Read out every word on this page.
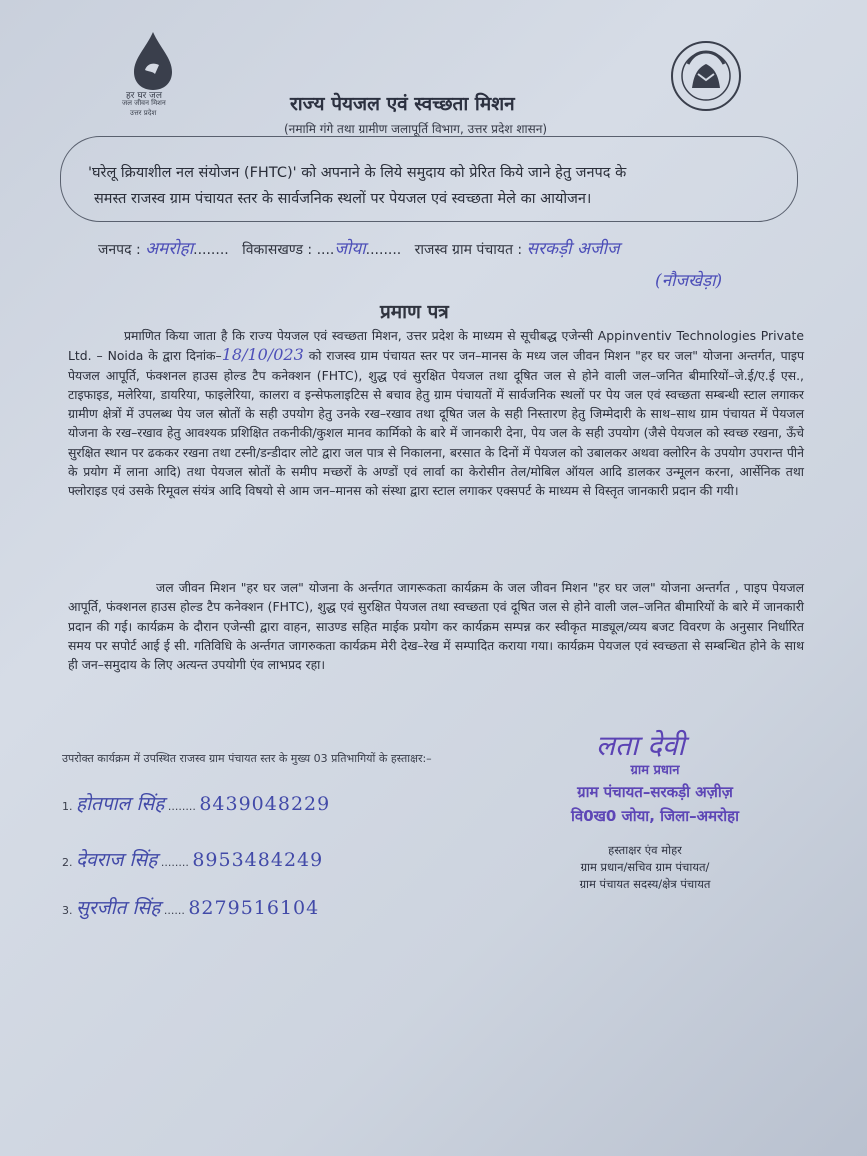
हर घर जल
जल जीवन मिशन
उत्तर प्रदेश	राज्य पेयजल एवं स्वच्छता मिशन
(नमामि गंगे तथा ग्रामीण जलापूर्ति विभाग, उत्तर प्रदेश शासन)
'घरेलू क्रियाशील नल संयोजन (FHTC)' को अपनाने के लिये समुदाय को प्रेरित किये जाने हेतु जनपद के
समस्त राजस्व ग्राम पंचायत स्तर के सार्वजनिक स्थलों पर पेयजल एवं स्वच्छता मेले का आयोजन।
जनपद : अमरोहा........ विकासखण्ड : ....जोया........ राजस्व ग्राम पंचायत : सरकड़ी अजीज
(नौजखेड़ा)
प्रमाण पत्र
प्रमाणित किया जाता है कि राज्य पेयजल एवं स्वच्छता मिशन, उत्तर प्रदेश के माध्यम से सूचीबद्ध एजेन्सी Appinventiv Technologies Private Ltd. – Noida के द्वारा दिनांक–18/10/023 को राजस्व ग्राम पंचायत स्तर पर जन–मानस के मध्य जल जीवन मिशन "हर घर जल" योजना अन्तर्गत, पाइप पेयजल आपूर्ति, फंक्शनल हाउस होल्ड टैप कनेक्शन (FHTC), शुद्ध एवं सुरक्षित पेयजल तथा दूषित जल से होने वाली जल–जनित बीमारियों–जे.ई/ए.ई एस., टाइफाइड, मलेरिया, डायरिया, फाइलेरिया, कालरा व इन्सेफलाइटिस से बचाव हेतु ग्राम पंचायतों में सार्वजनिक स्थलों पर पेय जल एवं स्वच्छता सम्बन्धी स्टाल लगाकर ग्रामीण क्षेत्रों में उपलब्ध पेय जल स्रोतों के सही उपयोग हेतु उनके रख–रखाव तथा दूषित जल के सही निस्तारण हेतु जिम्मेदारी के साथ–साथ ग्राम पंचायत में पेयजल योजना के रख–रखाव हेतु आवश्यक प्रशिक्षित तकनीकी/कुशल मानव कार्मिको के बारे में जानकारी देना, पेय जल के सही उपयोग (जैसे पेयजल को स्वच्छ रखना, ऊँचे सुरक्षित स्थान पर ढककर रखना तथा टस्नी/डन्डीदार लोटे द्वारा जल पात्र से निकालना, बरसात के दिनों में पेयजल को उबालकर अथवा क्लोरिन के उपयोग उपरान्त पीने के प्रयोग में लाना आदि) तथा पेयजल स्रोतों के समीप मच्छरों के अण्डों एवं लार्वा का केरोसीन तेल/मोबिल ऑयल आदि डालकर उन्मूलन करना, आर्सेनिक तथा फ्लोराइड एवं उसके रिमूवल संयंत्र आदि विषयो से आम जन–मानस को संस्था द्वारा स्टाल लगाकर एक्सपर्ट के माध्यम से विस्तृत जानकारी प्रदान की गयी।
जल जीवन मिशन "हर घर जल" योजना के अर्न्तगत जागरूकता कार्यक्रम के जल जीवन मिशन "हर घर जल" योजना अन्तर्गत , पाइप पेयजल आपूर्ति, फंक्शनल हाउस होल्ड टैप कनेक्शन (FHTC), शुद्ध एवं सुरक्षित पेयजल तथा स्वच्छता एवं दूषित जल से होने वाली जल–जनित बीमारियों के बारे में जानकारी प्रदान की गई। कार्यक्रम के दौरान एजेन्सी द्वारा वाहन, साउण्ड सहित माईक प्रयोग कर कार्यक्रम सम्पन्न कर स्वीकृत माड्यूल/व्यय बजट विवरण के अनुसार निर्धारित समय पर सपोर्ट आई ई सी. गतिविधि के अर्न्तगत जागरुकता कार्यक्रम मेरी देख–रेख में सम्पादित कराया गया। कार्यक्रम पेयजल एवं स्वच्छता से सम्बन्धित होने के साथ ही जन–समुदाय के लिए अत्यन्त उपयोगी एंव लाभप्रद रहा।
उपरोक्त कार्यक्रम में उपस्थित राजस्व ग्राम पंचायत स्तर के मुख्य 03 प्रतिभागियों के हस्ताक्षर:–
1. होतपाल सिंह ........ 8439048229
2. देवराज सिंह ........ 8953484249
3. सुरजीत सिंह ...... 8279516104
लता देवी
ग्राम प्रधान
ग्राम पंचायत–सरकड़ी अज़ीज़
वि0ख0 जोया, जिला–अमरोहा
हस्ताक्षर एंव मोहर
ग्राम प्रधान/सचिव ग्राम पंचायत/
ग्राम पंचायत सदस्य/क्षेत्र पंचायत
